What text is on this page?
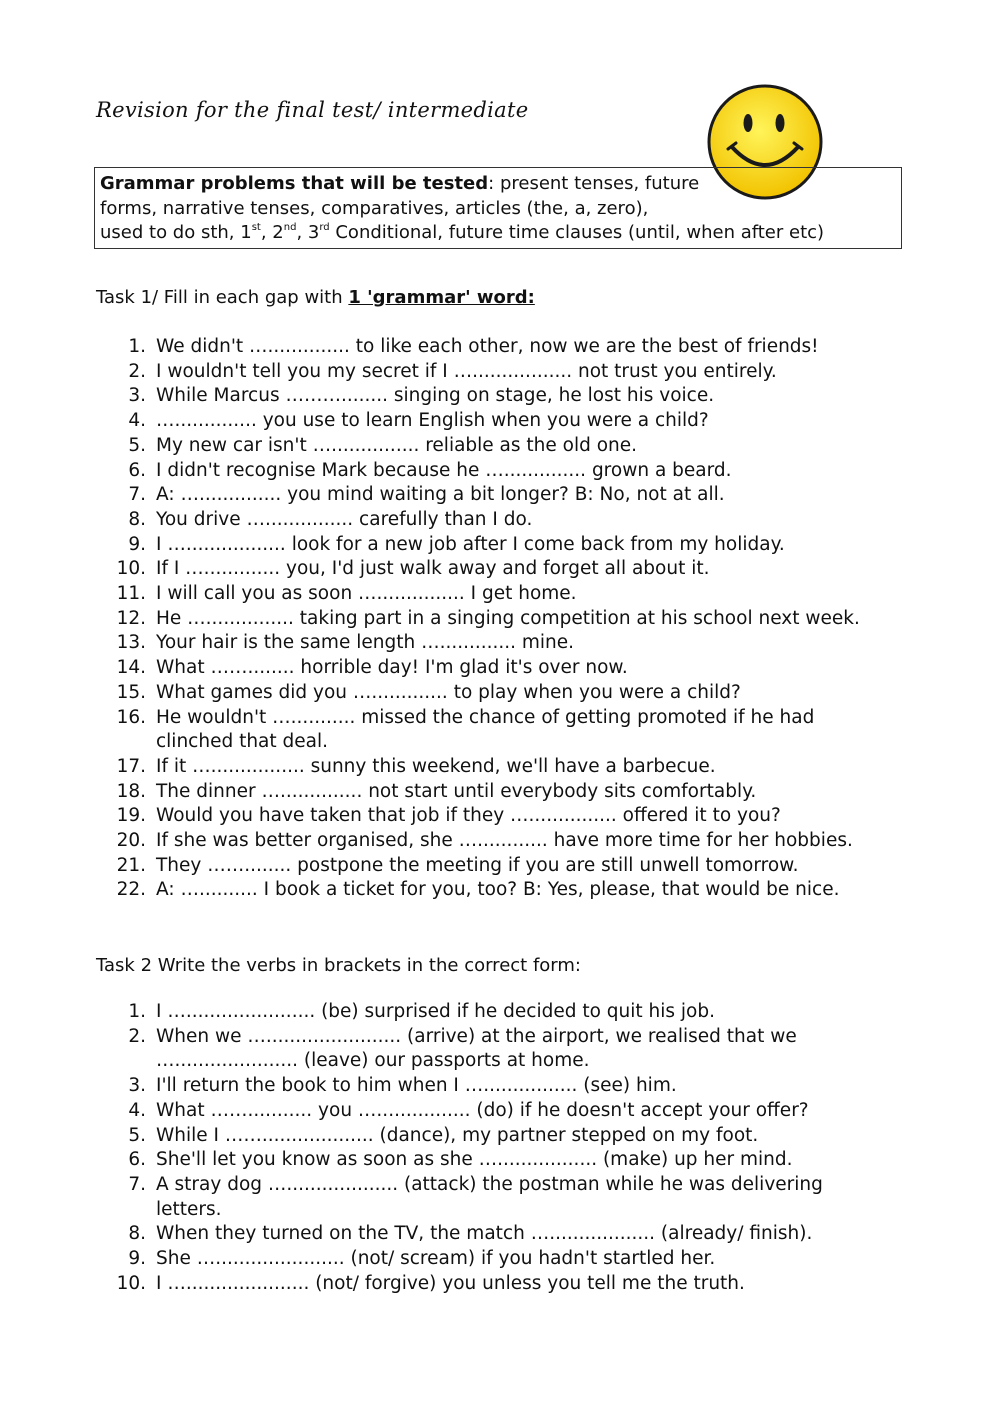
Revision for the final test/ intermediate
Grammar problems that will be tested: present tenses, future
forms, narrative tenses, comparatives, articles (the, a, zero),
used to do sth, 1st, 2nd, 3rd Conditional, future time clauses (until, when after etc)
Task 1/ Fill in each gap with 1 'grammar' word:
1. We didn't ….............. to like each other, now we are the best of friends!
2. I wouldn't tell you my secret if I …................. not trust you entirely.
3. While Marcus ………........ singing on stage, he lost his voice.
4. ….............. you use to learn English when you were a child?
5. My new car isn't …............... reliable as the old one.
6. I didn't recognise Mark because he ….............. grown a beard.
7. A: ….............. you mind waiting a bit longer? B: No, not at all.
8. You drive …............... carefully than I do.
9. I …................. look for a new job after I come back from my holiday.
10. If I …............. you, I'd just walk away and forget all about it.
11. I will call you as soon …............... I get home.
12. He …............... taking part in a singing competition at his school next week.
13. Your hair is the same length …............. mine.
14. What ……........ horrible day! I'm glad it's over now.
15. What games did you …............. to play when you were a child?
16. He wouldn't …........... missed the chance of getting promoted if he had
clinched that deal.
17. If it …................ sunny this weekend, we'll have a barbecue.
18. The dinner ….............. not start until everybody sits comfortably.
19. Would you have taken that job if they …............... offered it to you?
20. If she was better organised, she …............ have more time for her hobbies.
21. They ……........ postpone the meeting if you are still unwell tomorrow.
22. A: ….......... I book a ticket for you, too? B: Yes, please, that would be nice.
Task 2 Write the verbs in brackets in the correct form:
1. I …...................... (be) surprised if he decided to quit his job.
2. When we …....................... (arrive) at the airport, we realised that we
…..................... (leave) our passports at home.
3. I'll return the book to him when I …................ (see) him.
4. What ……........... you …................ (do) if he doesn't accept your offer?
5. While I ……................... (dance), my partner stepped on my foot.
6. She'll let you know as soon as she …................. (make) up her mind.
7. A stray dog …................... (attack) the postman while he was delivering
letters.
8. When they turned on the TV, the match ….................. (already/ finish).
9. She …...................... (not/ scream) if you hadn't startled her.
10. I …..................... (not/ forgive) you unless you tell me the truth.
